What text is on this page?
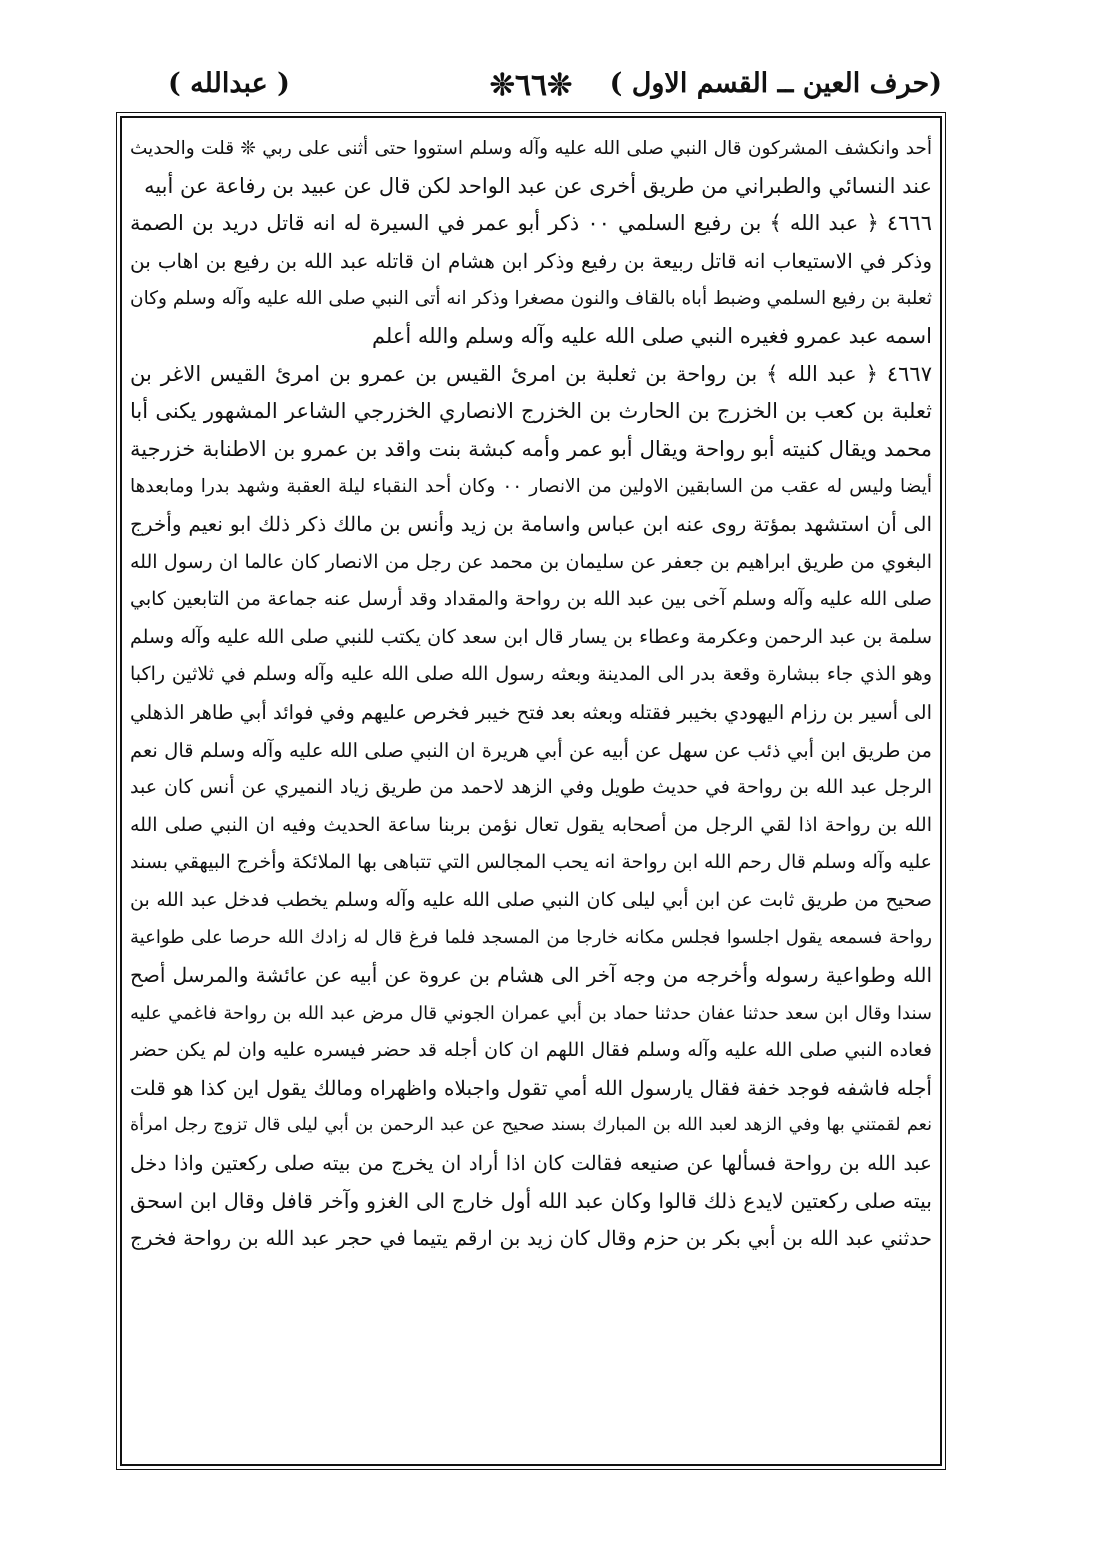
(حرف العين ــ القسم الاول )
❊٦٦❊
( عبدالله )
أحد وانكشف المشركون قال النبي صلى الله عليه وآله وسلم استووا حتى أثنى على ربي ❊ قلت والحديث
عند النسائي والطبراني من طريق أخرى عن عبد الواحد لكن قال عن عبيد بن رفاعة عن أبيه
٤٦٦٦ ﴿ عبد الله ﴾ بن رفيع السلمي ٠٠ ذكر أبو عمر في السيرة له انه قاتل دريد بن الصمة
وذكر في الاستيعاب انه قاتل ربيعة بن رفيع وذكر ابن هشام ان قاتله عبد الله بن رفيع بن اهاب بن
ثعلبة بن رفيع السلمي وضبط أباه بالقاف والنون مصغرا وذكر انه أتى النبي صلى الله عليه وآله وسلم وكان
اسمه عبد عمرو فغيره النبي صلى الله عليه وآله وسلم والله أعلم
٤٦٦٧ ﴿ عبد الله ﴾ بن رواحة بن ثعلبة بن امرئ القيس بن عمرو بن امرئ القيس الاغر بن
ثعلبة بن كعب بن الخزرج بن الحارث بن الخزرج الانصاري الخزرجي الشاعر المشهور يكنى أبا
محمد ويقال كنيته أبو رواحة ويقال أبو عمر وأمه كبشة بنت واقد بن عمرو بن الاطنابة خزرجية
أيضا وليس له عقب من السابقين الاولين من الانصار ٠٠ وكان أحد النقباء ليلة العقبة وشهد بدرا ومابعدها
الى أن استشهد بمؤتة روى عنه ابن عباس واسامة بن زيد وأنس بن مالك ذكر ذلك ابو نعيم وأخرج
البغوي من طريق ابراهيم بن جعفر عن سليمان بن محمد عن رجل من الانصار كان عالما ان رسول الله
صلى الله عليه وآله وسلم آخى بين عبد الله بن رواحة والمقداد وقد أرسل عنه جماعة من التابعين كابي
سلمة بن عبد الرحمن وعكرمة وعطاء بن يسار قال ابن سعد كان يكتب للنبي صلى الله عليه وآله وسلم
وهو الذي جاء ببشارة وقعة بدر الى المدينة وبعثه رسول الله صلى الله عليه وآله وسلم في ثلاثين راكبا
الى أسير بن رزام اليهودي بخيبر فقتله وبعثه بعد فتح خيبر فخرص عليهم وفي فوائد أبي طاهر الذهلي
من طريق ابن أبي ذئب عن سهل عن أبيه عن أبي هريرة ان النبي صلى الله عليه وآله وسلم قال نعم
الرجل عبد الله بن رواحة في حديث طويل وفي الزهد لاحمد من طريق زياد النميري عن أنس كان عبد
الله بن رواحة اذا لقي الرجل من أصحابه يقول تعال نؤمن بربنا ساعة الحديث وفيه ان النبي صلى الله
عليه وآله وسلم قال رحم الله ابن رواحة انه يحب المجالس التي تتباهى بها الملائكة وأخرج البيهقي بسند
صحيح من طريق ثابت عن ابن أبي ليلى كان النبي صلى الله عليه وآله وسلم يخطب فدخل عبد الله بن
رواحة فسمعه يقول اجلسوا فجلس مكانه خارجا من المسجد فلما فرغ قال له زادك الله حرصا على طواعية
الله وطواعية رسوله وأخرجه من وجه آخر الى هشام بن عروة عن أبيه عن عائشة والمرسل أصح
سندا وقال ابن سعد حدثنا عفان حدثنا حماد بن أبي عمران الجوني قال مرض عبد الله بن رواحة فاغمي عليه
فعاده النبي صلى الله عليه وآله وسلم فقال اللهم ان كان أجله قد حضر فيسره عليه وان لم يكن حضر
أجله فاشفه فوجد خفة فقال يارسول الله أمي تقول واجبلاه واظهراه ومالك يقول اين كذا هو قلت
نعم لقمتني بها وفي الزهد لعبد الله بن المبارك بسند صحيح عن عبد الرحمن بن أبي ليلى قال تزوج رجل امرأة
عبد الله بن رواحة فسألها عن صنيعه فقالت كان اذا أراد ان يخرج من بيته صلى ركعتين واذا دخل
بيته صلى ركعتين لايدع ذلك قالوا وكان عبد الله أول خارج الى الغزو وآخر قافل وقال ابن اسحق
حدثني عبد الله بن أبي بكر بن حزم وقال كان زيد بن ارقم يتيما في حجر عبد الله بن رواحة فخرج
